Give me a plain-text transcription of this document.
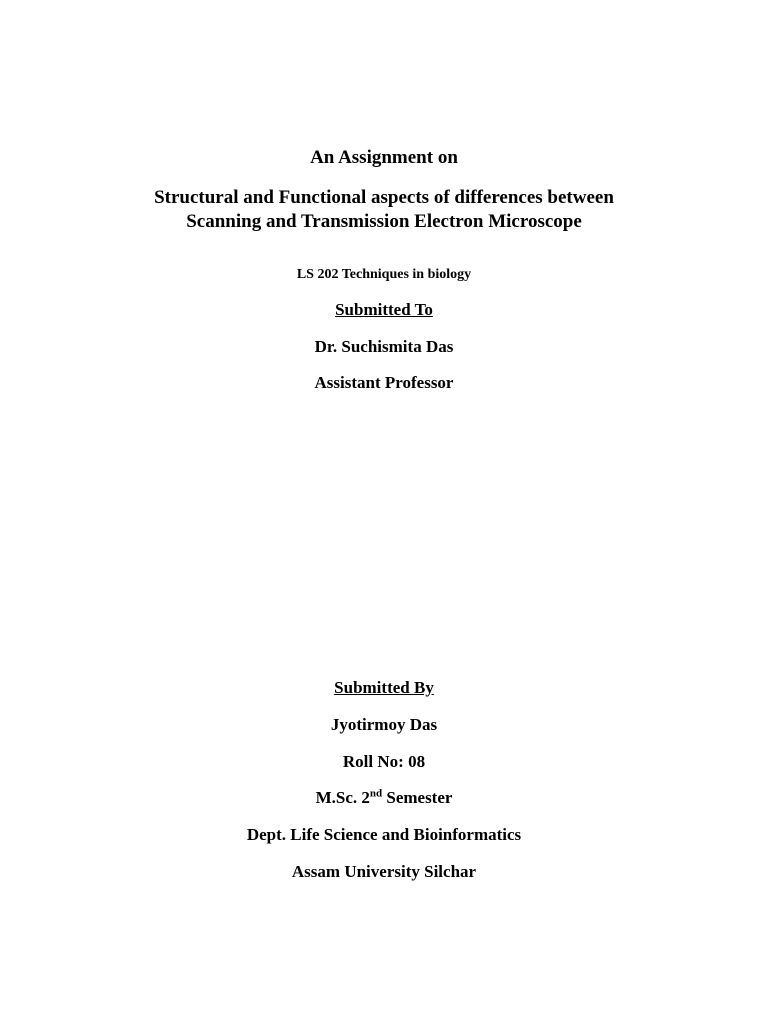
An Assignment on
Structural and Functional aspects of differences between
Scanning and Transmission Electron Microscope
LS 202 Techniques in biology
Submitted To
Dr. Suchismita Das
Assistant Professor
Submitted By
Jyotirmoy Das
Roll No: 08
M.Sc. 2nd Semester
Dept. Life Science and Bioinformatics
Assam University Silchar
